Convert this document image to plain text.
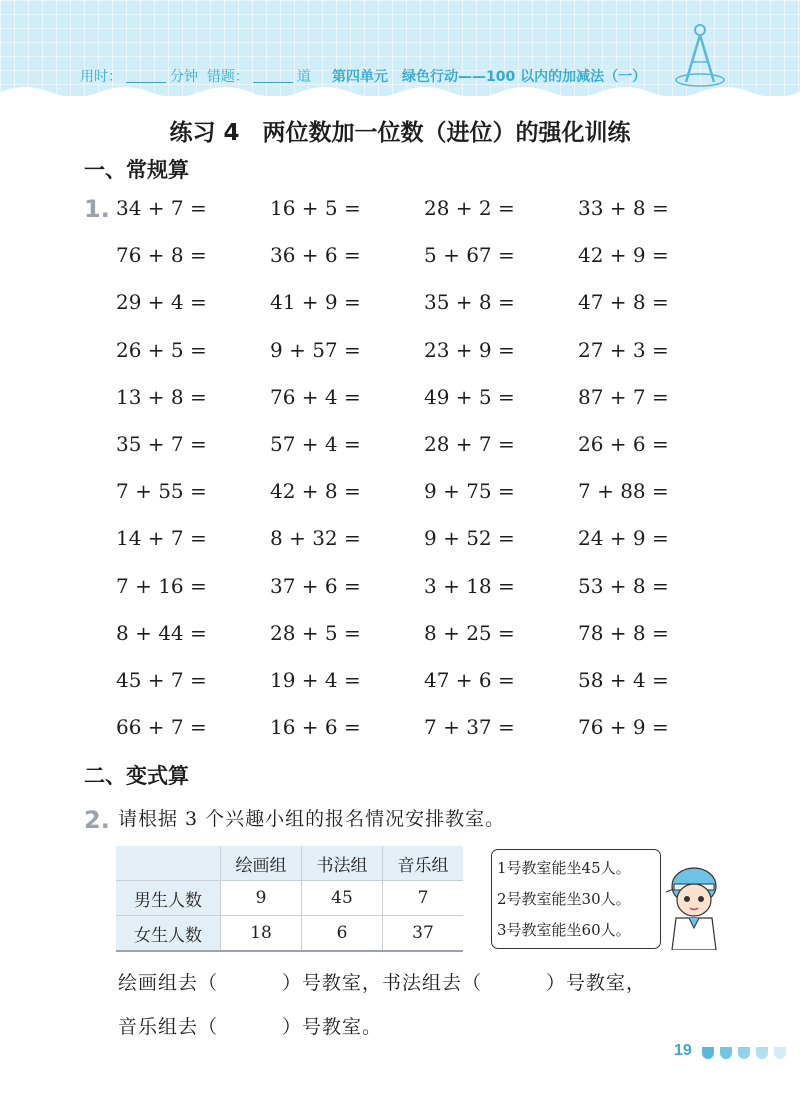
用时：	分钟 错题：	道 第四单元　绿色行动——100 以内的加减法（一）
练习 4　两位数加一位数（进位）的强化训练
一、常规算
1. 34 + 7 =	16 + 5 =	28 + 2 =	33 + 8 =
76 + 8 =	36 + 6 =	5 + 67 =	42 + 9 =
29 + 4 =	41 + 9 =	35 + 8 =	47 + 8 =
26 + 5 =	9 + 57 =	23 + 9 =	27 + 3 =
13 + 8 =	76 + 4 =	49 + 5 =	87 + 7 =
35 + 7 =	57 + 4 =	28 + 7 =	26 + 6 =
7 + 55 =	42 + 8 =	9 + 75 =	7 + 88 =
14 + 7 =	8 + 32 =	9 + 52 =	24 + 9 =
7 + 16 =	37 + 6 =	3 + 18 =	53 + 8 =
8 + 44 =	28 + 5 =	8 + 25 =	78 + 8 =
45 + 7 =	19 + 4 =	47 + 6 =	58 + 4 =
66 + 7 =	16 + 6 =	7 + 37 =	76 + 9 =
二、变式算
2. 请根据 3 个兴趣小组的报名情况安排教室。
	绘画组	书法组	音乐组
男生人数	9	45	7
女生人数	18	6	37
1号教室能坐45人。
2号教室能坐30人。
3号教室能坐60人。
绘画组去（	）号教室，书法组去（	）号教室，
音乐组去（	）号教室。
19
